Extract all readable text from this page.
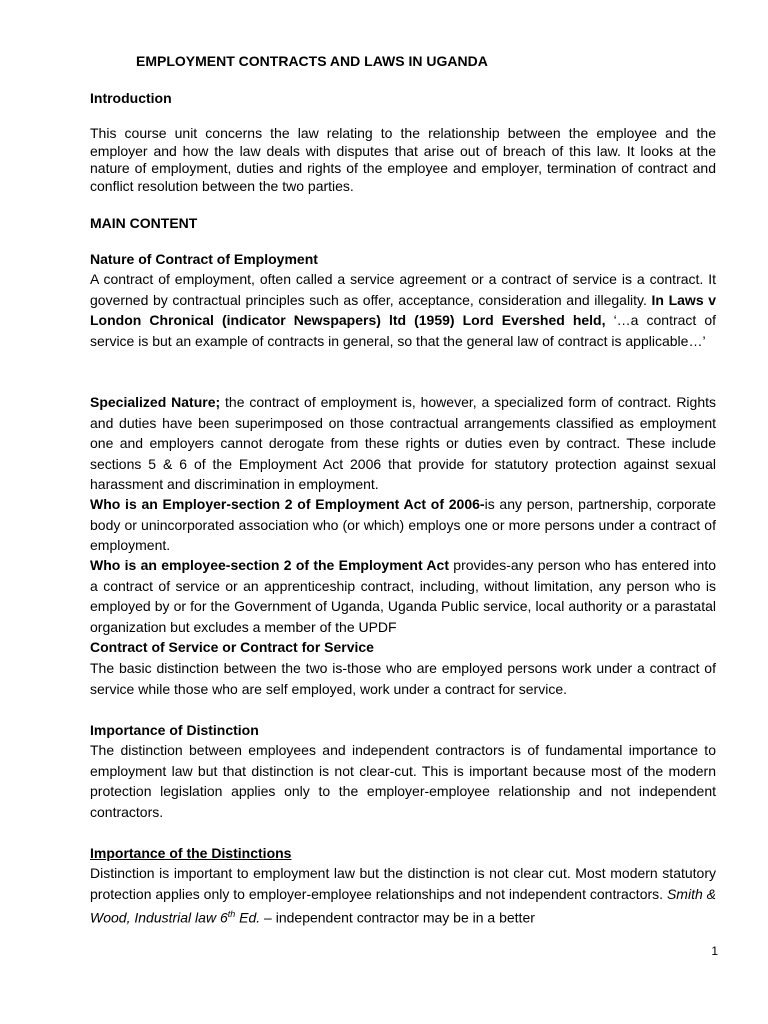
EMPLOYMENT CONTRACTS AND LAWS IN UGANDA
Introduction

This course unit concerns the law relating to the relationship between the employee and the employer and how the law deals with disputes that arise out of breach of this law. It looks at the nature of employment, duties and rights of the employee and employer, termination of contract and conflict resolution between the two parties.

MAIN CONTENT
Nature of Contract of Employment

A contract of employment, often called a service agreement or a contract of service is a contract. It governed by contractual principles such as offer, acceptance, consideration and illegality. In Laws v London Chronical (indicator Newspapers) ltd (1959) Lord Evershed held, ‘…a contract of service is but an example of contracts in general, so that the general law of contract is applicable…’

Specialized Nature; the contract of employment is, however, a specialized form of contract. Rights and duties have been superimposed on those contractual arrangements classified as employment one and employers cannot derogate from these rights or duties even by contract. These include sections 5 & 6 of the Employment Act 2006 that provide for statutory protection against sexual harassment and discrimination in employment.

Who is an Employer-section 2 of Employment Act of 2006-is any person, partnership, corporate body or unincorporated association who (or which) employs one or more persons under a contract of employment.

Who is an employee-section 2 of the Employment Act provides-any person who has entered into a contract of service or an apprenticeship contract, including, without limitation, any person who is employed by or for the Government of Uganda, Uganda Public service, local authority or a parastatal organization but excludes a member of the UPDF

Contract of Service or Contract for Service

The basic distinction between the two is-those who are employed persons work under a contract of service while those who are self employed, work under a contract for service.

Importance of Distinction

The distinction between employees and independent contractors is of fundamental importance to employment law but that distinction is not clear-cut. This is important because most of the modern protection legislation applies only to the employer-employee relationship and not independent contractors.

Importance of the Distinctions

Distinction is important to employment law but the distinction is not clear cut. Most modern statutory protection applies only to employer-employee relationships and not independent contractors. Smith & Wood, Industrial law 6th Ed. – independent contractor may be in a better

1
